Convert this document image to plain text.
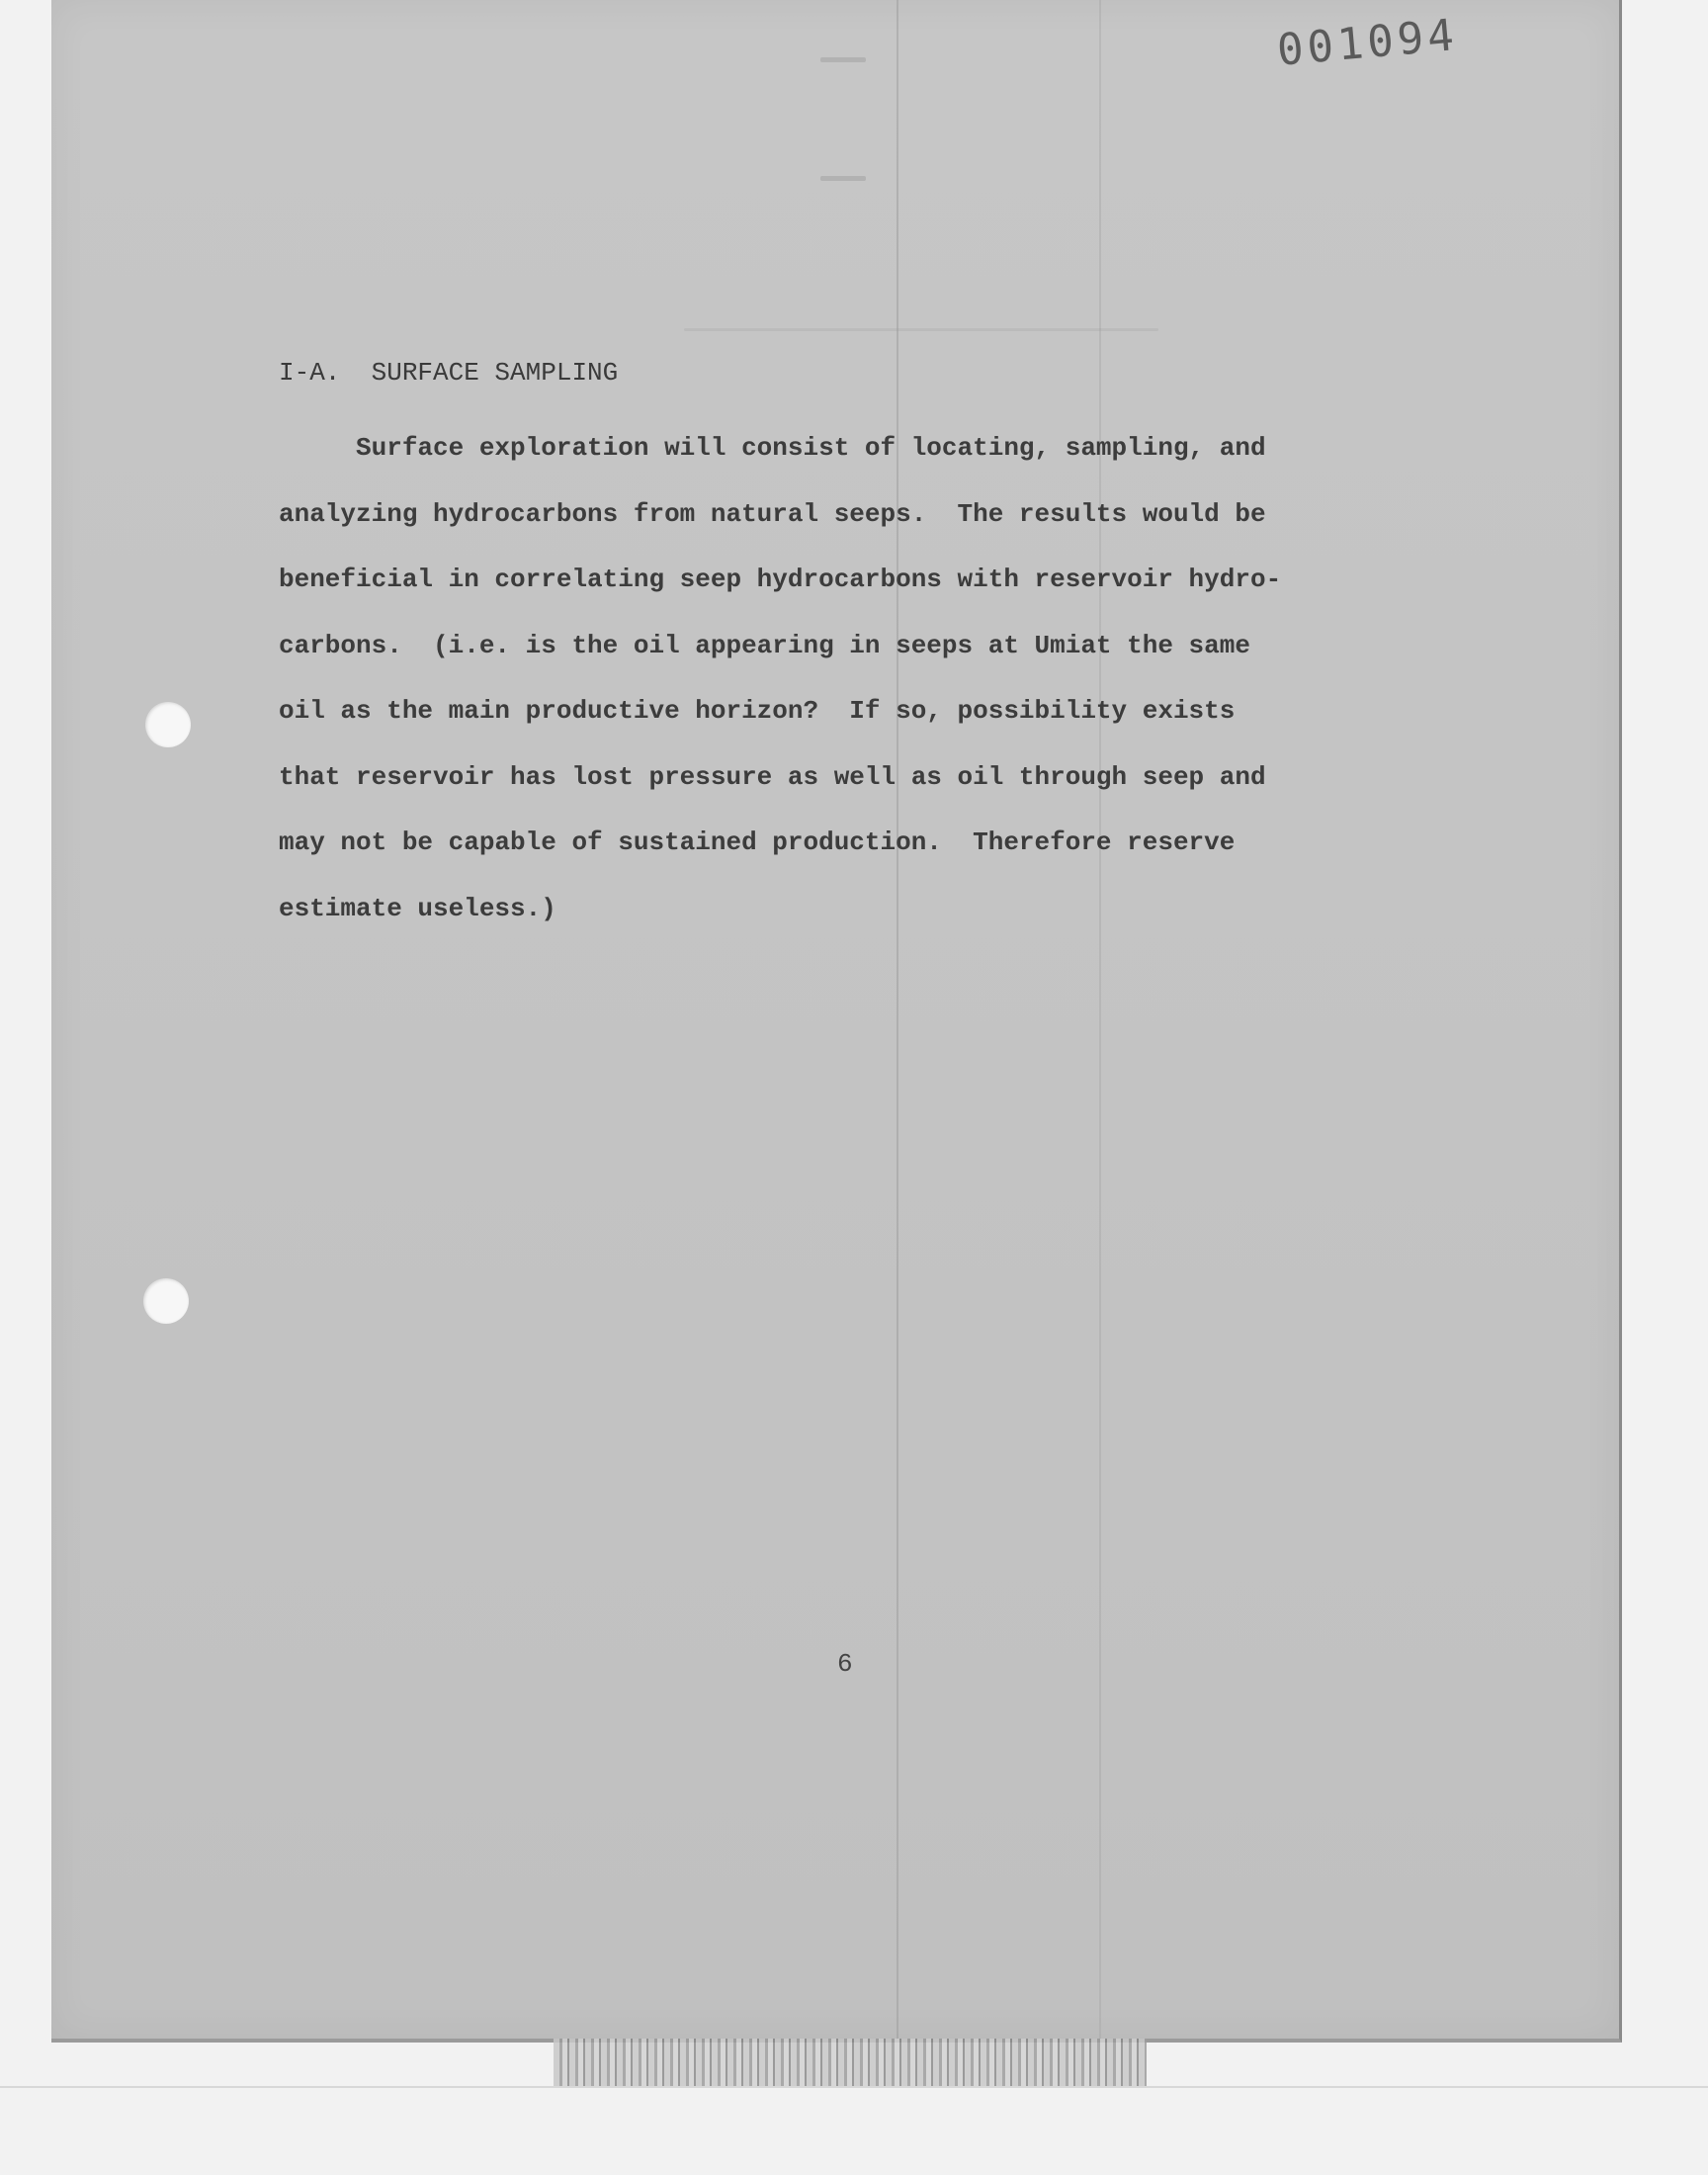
001094
I-A.  SURFACE SAMPLING
Surface exploration will consist of locating, sampling, and
analyzing hydrocarbons from natural seeps.  The results would be
beneficial in correlating seep hydrocarbons with reservoir hydro-
carbons.  (i.e. is the oil appearing in seeps at Umiat the same
oil as the main productive horizon?  If so, possibility exists
that reservoir has lost pressure as well as oil through seep and
may not be capable of sustained production.  Therefore reserve
estimate useless.)
6
